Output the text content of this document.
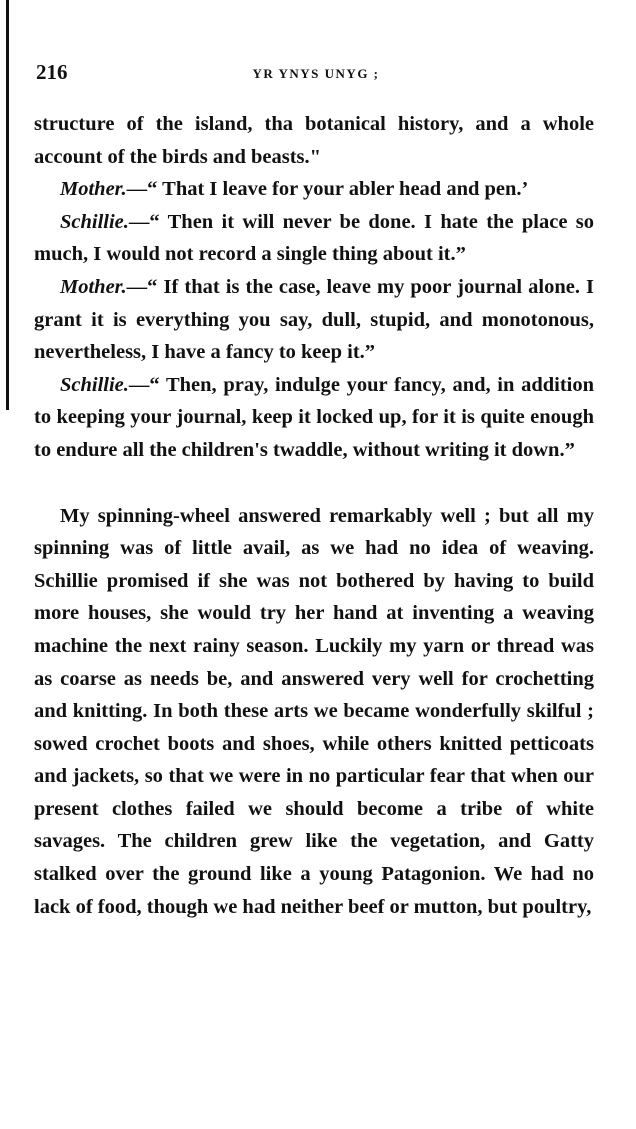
216	YR YNYS UNYG ;

structure of the island, tha botanical history, and a whole account of the birds and beasts."

Mother.—“ That I leave for your abler head and pen.’

Schillie.—“ Then it will never be done. I hate the place so much, I would not record a single thing about it.”

Mother.—“ If that is the case, leave my poor journal alone. I grant it is everything you say, dull, stupid, and monotonous, nevertheless, I have a fancy to keep it.”

Schillie.—“ Then, pray, indulge your fancy, and, in addition to keeping your journal, keep it locked up, for it is quite enough to endure all the children's twaddle, without writing it down.”

My spinning-wheel answered remarkably well ; but all my spinning was of little avail, as we had no idea of weaving. Schillie promised if she was not bothered by having to build more houses, she would try her hand at inventing a weaving machine the next rainy season. Luckily my yarn or thread was as coarse as needs be, and answered very well for crochetting and knitting. In both these arts we became wonderfully skilful ; sowed crochet boots and shoes, while others knitted petticoats and jackets, so that we were in no particular fear that when our present clothes failed we should become a tribe of white savages. The children grew like the vegetation, and Gatty stalked over the ground like a young Patagonion. We had no lack of food, though we had neither beef or mutton, but poultry,
